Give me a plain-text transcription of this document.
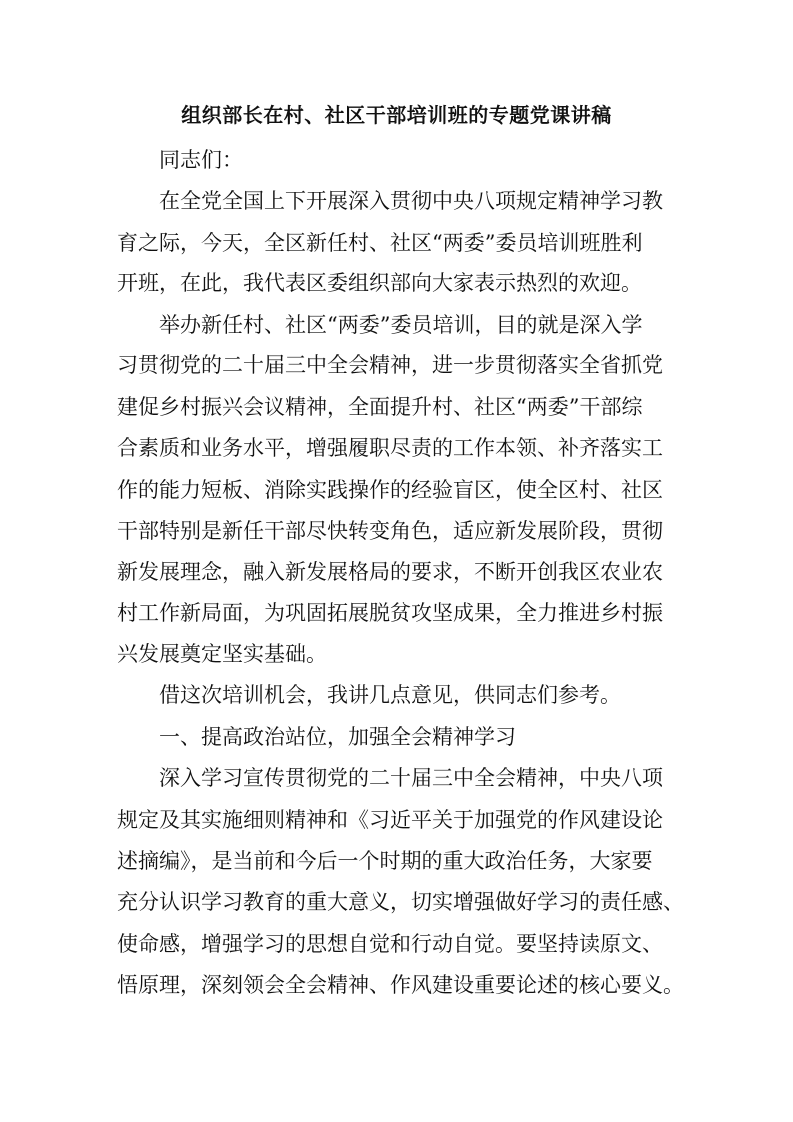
组织部长在村、社区干部培训班的专题党课讲稿
同志们：
在全党全国上下开展深入贯彻中央八项规定精神学习教
育之际，今天，全区新任村、社区“两委”委员培训班胜利
开班，在此，我代表区委组织部向大家表示热烈的欢迎。
举办新任村、社区“两委”委员培训，目的就是深入学
习贯彻党的二十届三中全会精神，进一步贯彻落实全省抓党
建促乡村振兴会议精神，全面提升村、社区“两委”干部综
合素质和业务水平，增强履职尽责的工作本领、补齐落实工
作的能力短板、消除实践操作的经验盲区，使全区村、社区
干部特别是新任干部尽快转变角色，适应新发展阶段，贯彻
新发展理念，融入新发展格局的要求，不断开创我区农业农
村工作新局面，为巩固拓展脱贫攻坚成果，全力推进乡村振
兴发展奠定坚实基础。
借这次培训机会，我讲几点意见，供同志们参考。
一、提高政治站位，加强全会精神学习
深入学习宣传贯彻党的二十届三中全会精神，中央八项
规定及其实施细则精神和《习近平关于加强党的作风建设论
述摘编》，是当前和今后一个时期的重大政治任务，大家要
充分认识学习教育的重大意义，切实增强做好学习的责任感、
使命感，增强学习的思想自觉和行动自觉。要坚持读原文、
悟原理，深刻领会全会精神、作风建设重要论述的核心要义。
